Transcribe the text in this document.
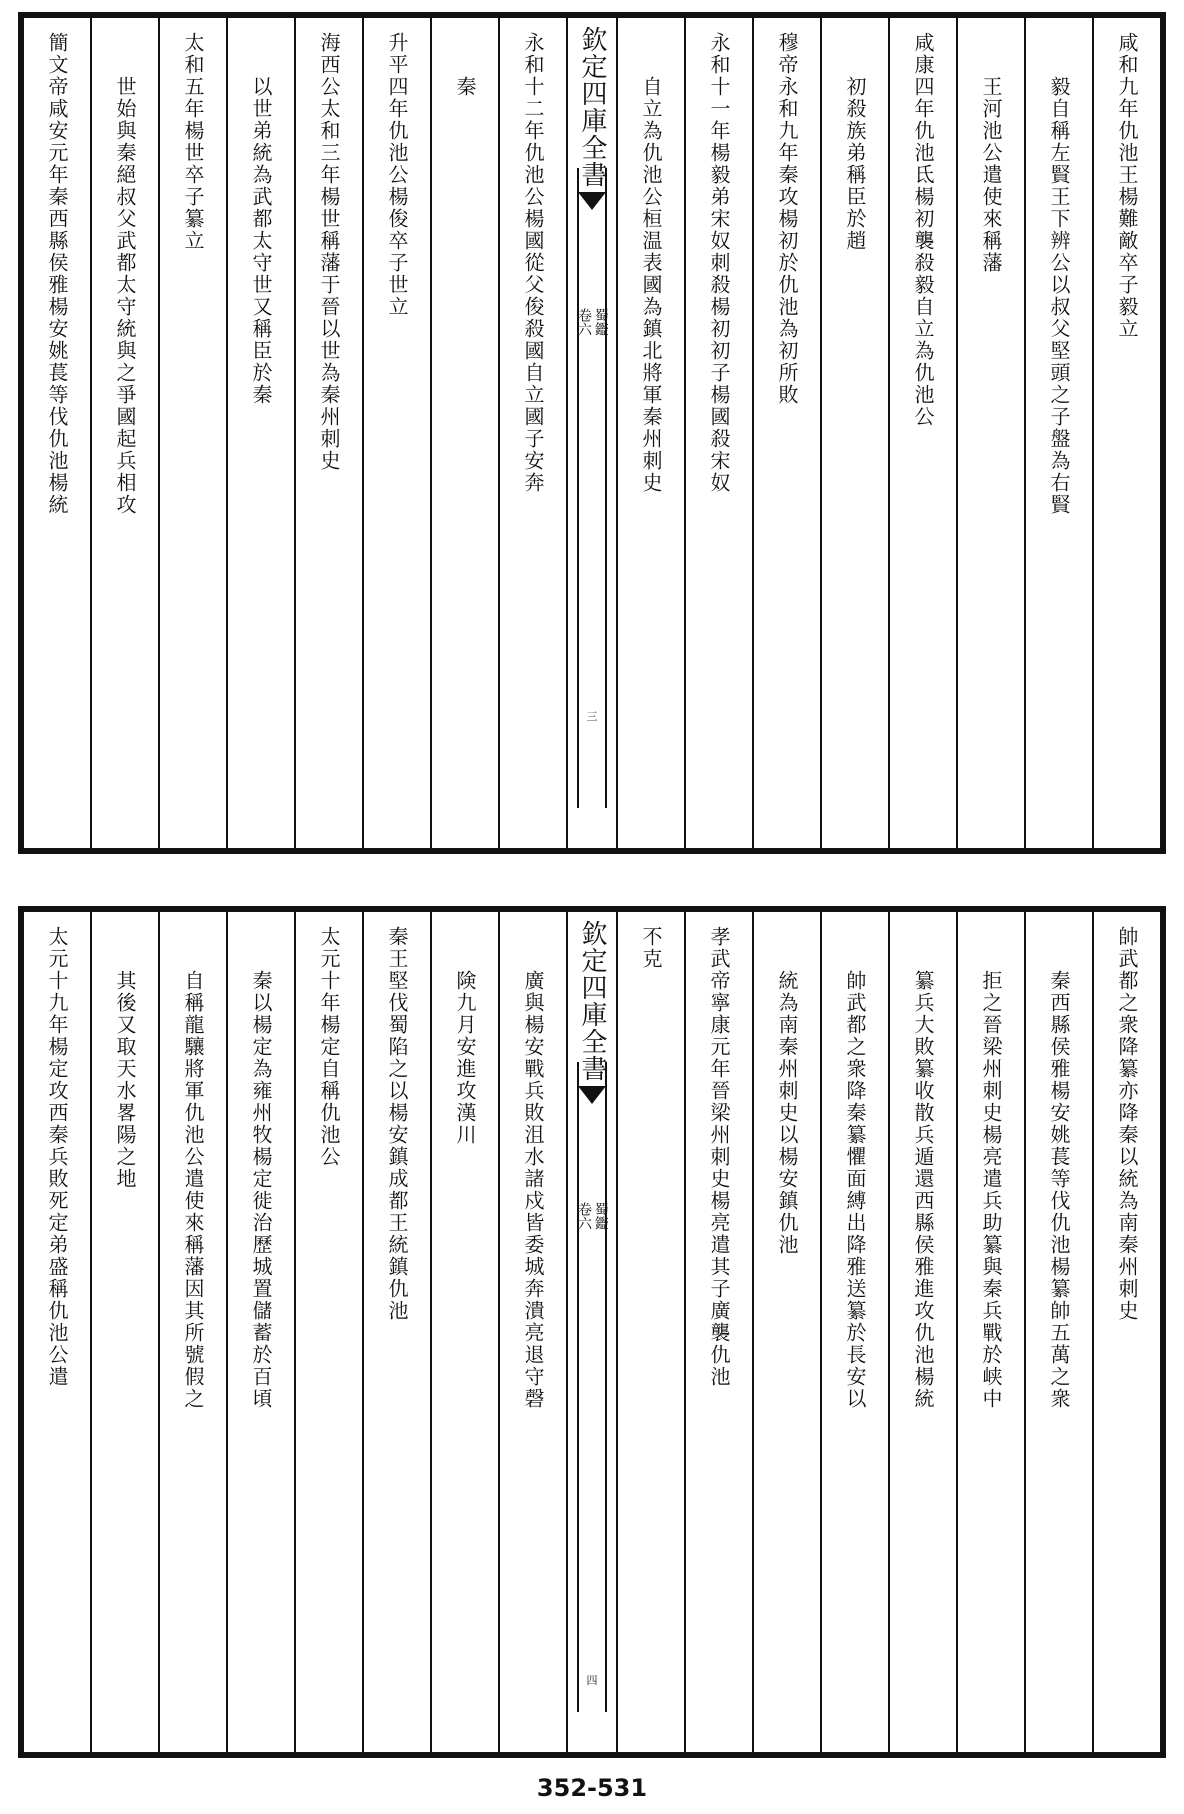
咸和九年仇池王楊難敵卒子毅立
毅自稱左賢王下辨公以叔父堅頭之子盤為右賢
王河池公遣使來稱藩
咸康四年仇池氐楊初襲殺毅自立為仇池公
初殺族弟稱臣於趙
穆帝永和九年秦攻楊初於仇池為初所敗
永和十一年楊毅弟宋奴刺殺楊初初子楊國殺宋奴
自立為仇池公桓温表國為鎮北將軍秦州刺史
欽定四庫全書
蜀鑑
卷六
三
永和十二年仇池公楊國從父俊殺國自立國子安奔
秦
升平四年仇池公楊俊卒子世立
海西公太和三年楊世稱藩于晉以世為秦州刺史
以世弟統為武都太守世又稱臣於秦
太和五年楊世卒子纂立
世始與秦絕叔父武都太守統與之爭國起兵相攻
簡文帝咸安元年秦西縣侯雅楊安姚萇等伐仇池楊統
帥武都之衆降纂亦降秦以統為南秦州刺史
秦西縣侯雅楊安姚萇等伐仇池楊纂帥五萬之衆
拒之晉梁州刺史楊亮遣兵助纂與秦兵戰於峡中
纂兵大敗纂收散兵遁還西縣侯雅進攻仇池楊統
帥武都之衆降秦纂懼面縛出降雅送纂於長安以
統為南秦州刺史以楊安鎮仇池
孝武帝寧康元年晉梁州刺史楊亮遣其子廣襲仇池
不克
欽定四庫全書
蜀鑑
卷六
四
廣與楊安戰兵敗沮水諸戍皆委城奔潰亮退守磬
険九月安進攻漢川
秦王堅伐蜀陷之以楊安鎮成都王統鎮仇池
太元十年楊定自稱仇池公
秦以楊定為雍州牧楊定徙治歷城置儲蓄於百頃
自稱龍驤將軍仇池公遣使來稱藩因其所號假之
其後又取天水畧陽之地
太元十九年楊定攻西秦兵敗死定弟盛稱仇池公遣
352-531
